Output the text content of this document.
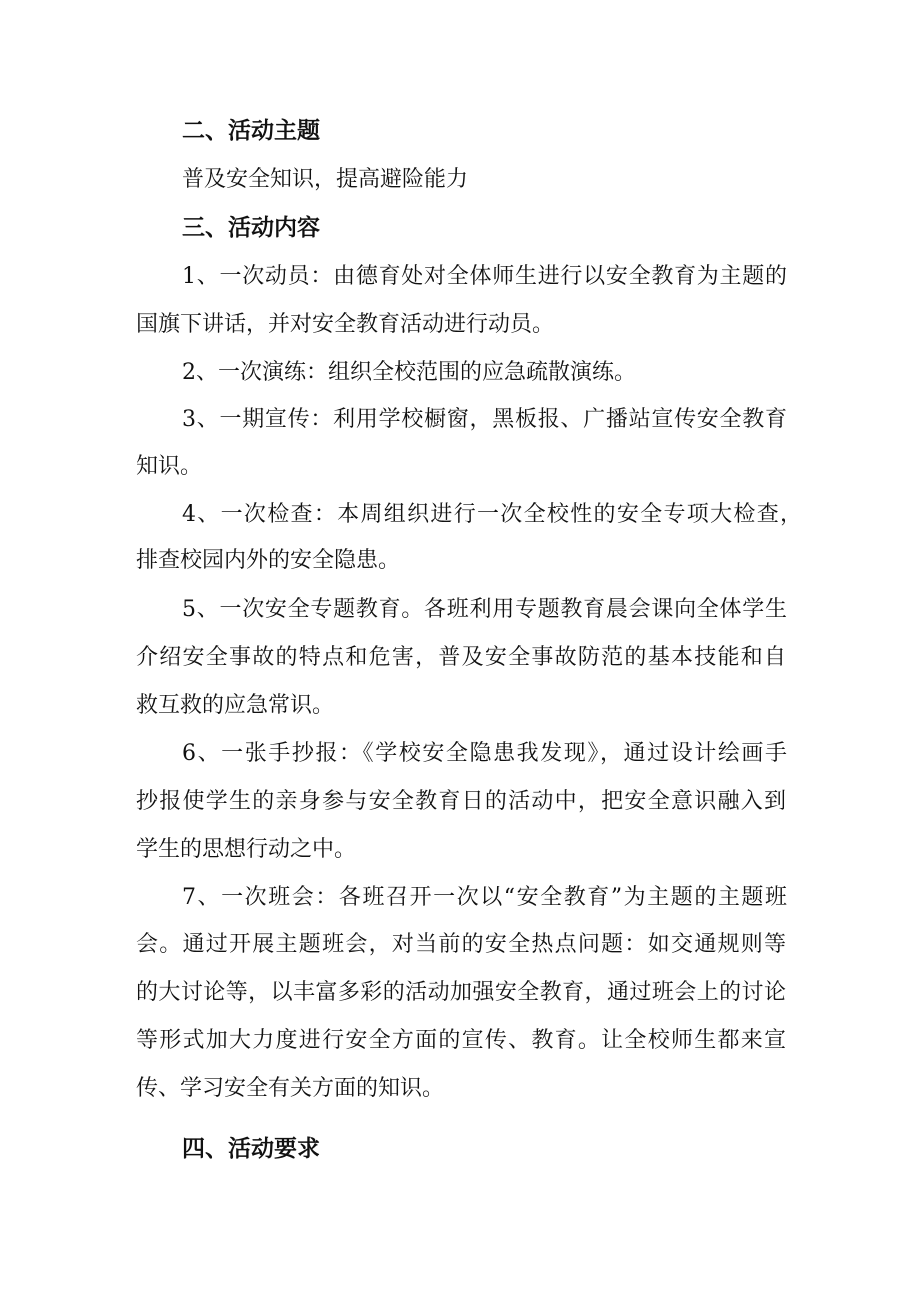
二、活动主题
普及安全知识，提高避险能力
三、活动内容
1、一次动员：由德育处对全体师生进行以安全教育为主题的
国旗下讲话，并对安全教育活动进行动员。
2、一次演练：组织全校范围的应急疏散演练。
3、一期宣传：利用学校橱窗，黑板报、广播站宣传安全教育
知识。
4、一次检查：本周组织进行一次全校性的安全专项大检查，
排查校园内外的安全隐患。
5、一次安全专题教育。各班利用专题教育晨会课向全体学生
介绍安全事故的特点和危害，普及安全事故防范的基本技能和自
救互救的应急常识。
6、一张手抄报：《学校安全隐患我发现》，通过设计绘画手
抄报使学生的亲身参与安全教育日的活动中，把安全意识融入到
学生的思想行动之中。
7、一次班会：各班召开一次以“安全教育”为主题的主题班
会。通过开展主题班会，对当前的安全热点问题：如交通规则等
的大讨论等，以丰富多彩的活动加强安全教育，通过班会上的讨论
等形式加大力度进行安全方面的宣传、教育。让全校师生都来宣
传、学习安全有关方面的知识。
四、活动要求
